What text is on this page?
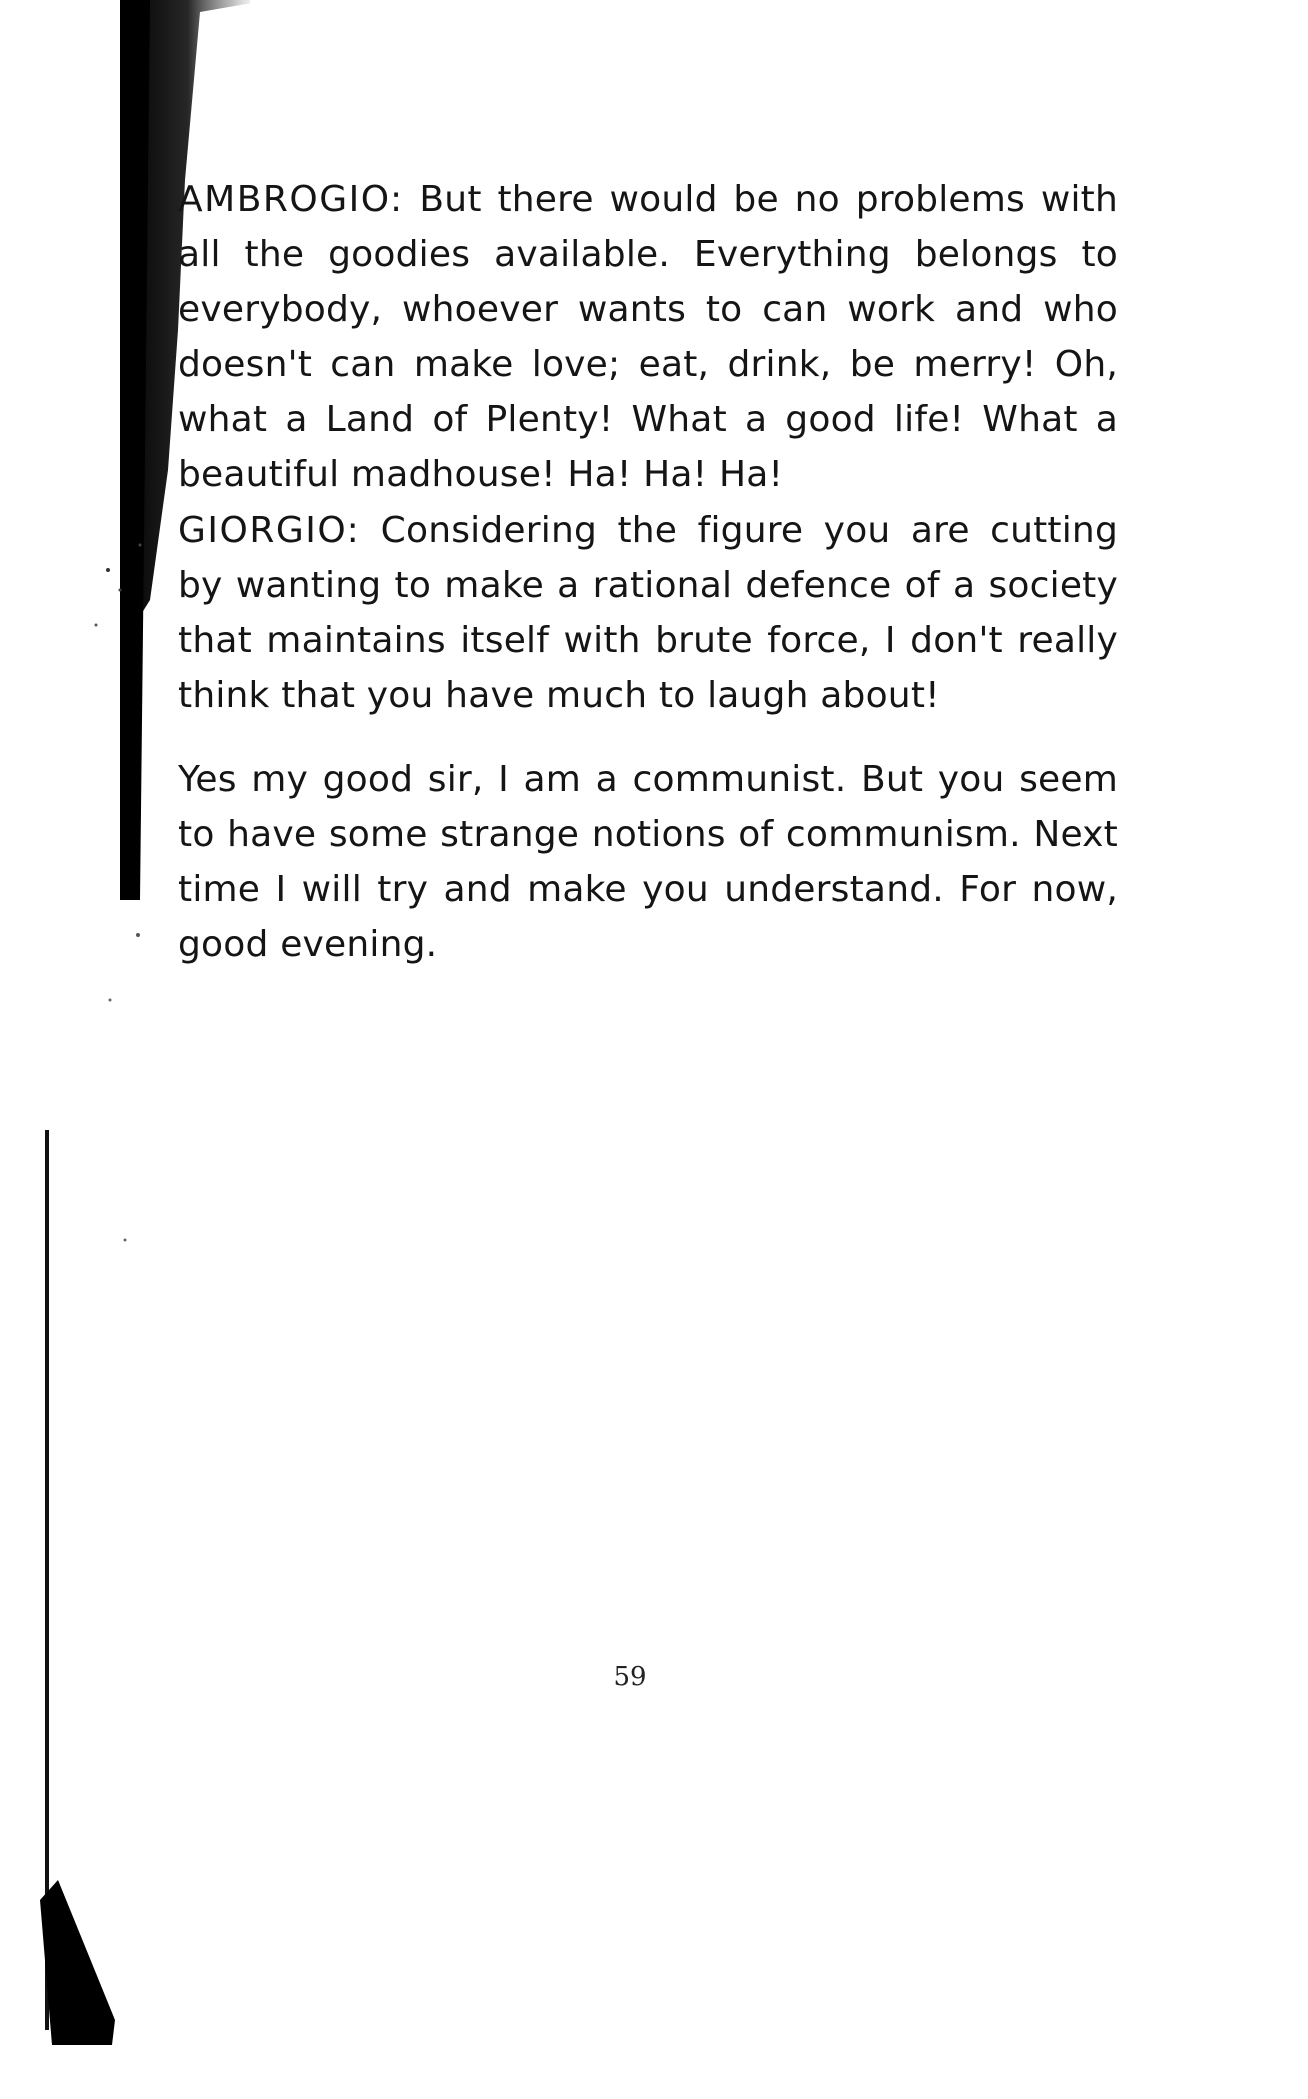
AMBROGIO: But there would be no problems with all the goodies available. Everything belongs to everybody, whoever wants to can work and who doesn't can make love; eat, drink, be merry! Oh, what a Land of Plenty! What a good life! What a beautiful madhouse! Ha! Ha! Ha!

GIORGIO: Considering the figure you are cutting by wanting to make a rational defence of a society that maintains itself with brute force, I don't really think that you have much to laugh about!

Yes my good sir, I am a communist. But you seem to have some strange notions of communism. Next time I will try and make you understand. For now, good evening.

59
